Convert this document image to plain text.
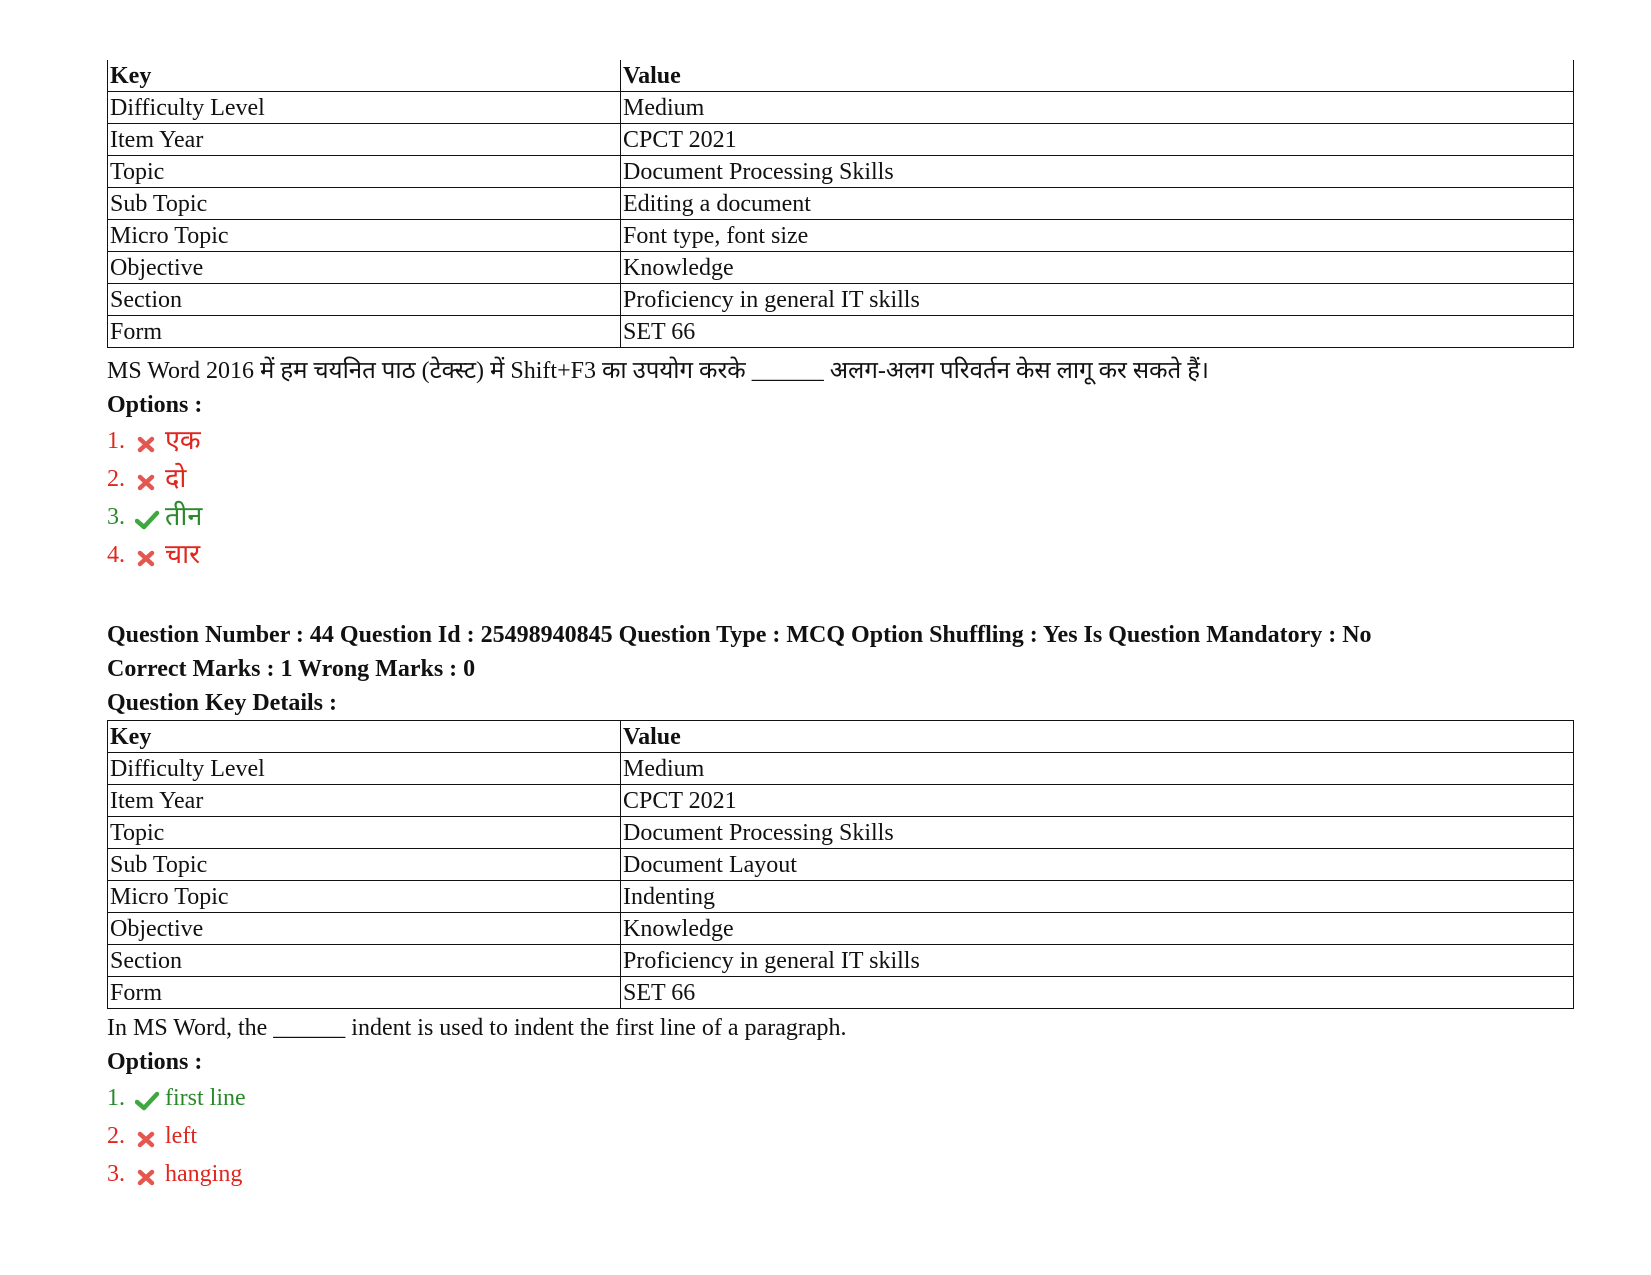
Key	Value
Difficulty Level	Medium
Item Year	CPCT 2021
Topic	Document Processing Skills
Sub Topic	Editing a document
Micro Topic	Font type, font size
Objective	Knowledge
Section	Proficiency in general IT skills
Form	SET 66
MS Word 2016 में हम चयनित पाठ (टेक्स्ट) में Shift+F3 का उपयोग करके ______ अलग-अलग परिवर्तन केस लागू कर सकते हैं।
Options :
1.	एक
2.	दो
3.	तीन
4.	चार
Question Number : 44 Question Id : 25498940845 Question Type : MCQ Option Shuffling : Yes Is Question Mandatory : No
Correct Marks : 1 Wrong Marks : 0
Question Key Details :
Key	Value
Difficulty Level	Medium
Item Year	CPCT 2021
Topic	Document Processing Skills
Sub Topic	Document Layout
Micro Topic	Indenting
Objective	Knowledge
Section	Proficiency in general IT skills
Form	SET 66
In MS Word, the ______ indent is used to indent the first line of a paragraph.
Options :
1.	first line
2.	left
3.	hanging
